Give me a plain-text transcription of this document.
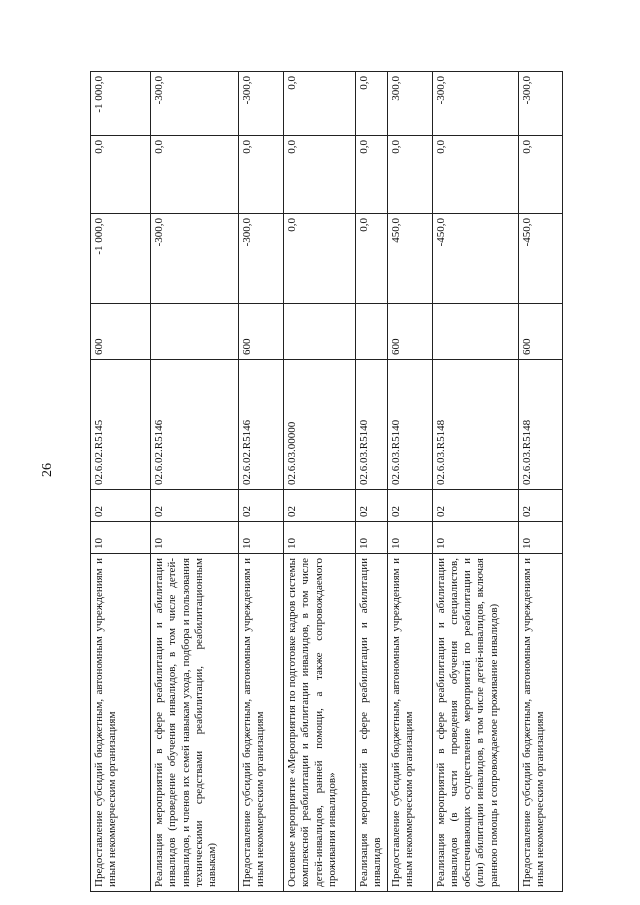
26
Предоставление субсидий бюджетным, автономным учреждениям и иным некоммерческим организациям	10	02	02.6.02.R5145	600	-1 000,0	0,0	-1 000,0
Реализация мероприятий в сфере реабилитации и абилитации инвалидов (проведение обучения инвалидов, в том числе детей-инвалидов, и членов их семей навыкам ухода, подбора и пользования техническими средствами реабилитации, реабилитационным навыкам)	10	02	02.6.02.R5146		-300,0	0,0	-300,0
Предоставление субсидий бюджетным, автономным учреждениям и иным некоммерческим организациям	10	02	02.6.02.R5146	600	-300,0	0,0	-300,0
Основное мероприятие «Мероприятия по подготовке кадров системы комплексной реабилитации и абилитации инвалидов, в том числе детей-инвалидов, ранней помощи, а также сопровождаемого проживания инвалидов»	10	02	02.6.03.00000		0,0	0,0	0,0
Реализация мероприятий в сфере реабилитации и абилитации инвалидов	10	02	02.6.03.R5140		0,0	0,0	0,0
Предоставление субсидий бюджетным, автономным учреждениям и иным некоммерческим организациям	10	02	02.6.03.R5140	600	450,0	0,0	300,0
Реализация мероприятий в сфере реабилитации и абилитации инвалидов (в части проведения обучения специалистов, обеспечивающих осуществление мероприятий по реабилитации и (или) абилитации инвалидов, в том числе детей-инвалидов, включая раннюю помощь и сопровождаемое проживание инвалидов)	10	02	02.6.03.R5148		-450,0	0,0	-300,0
Предоставление субсидий бюджетным, автономным учреждениям и иным некоммерческим организациям	10	02	02.6.03.R5148	600	-450,0	0,0	-300,0
